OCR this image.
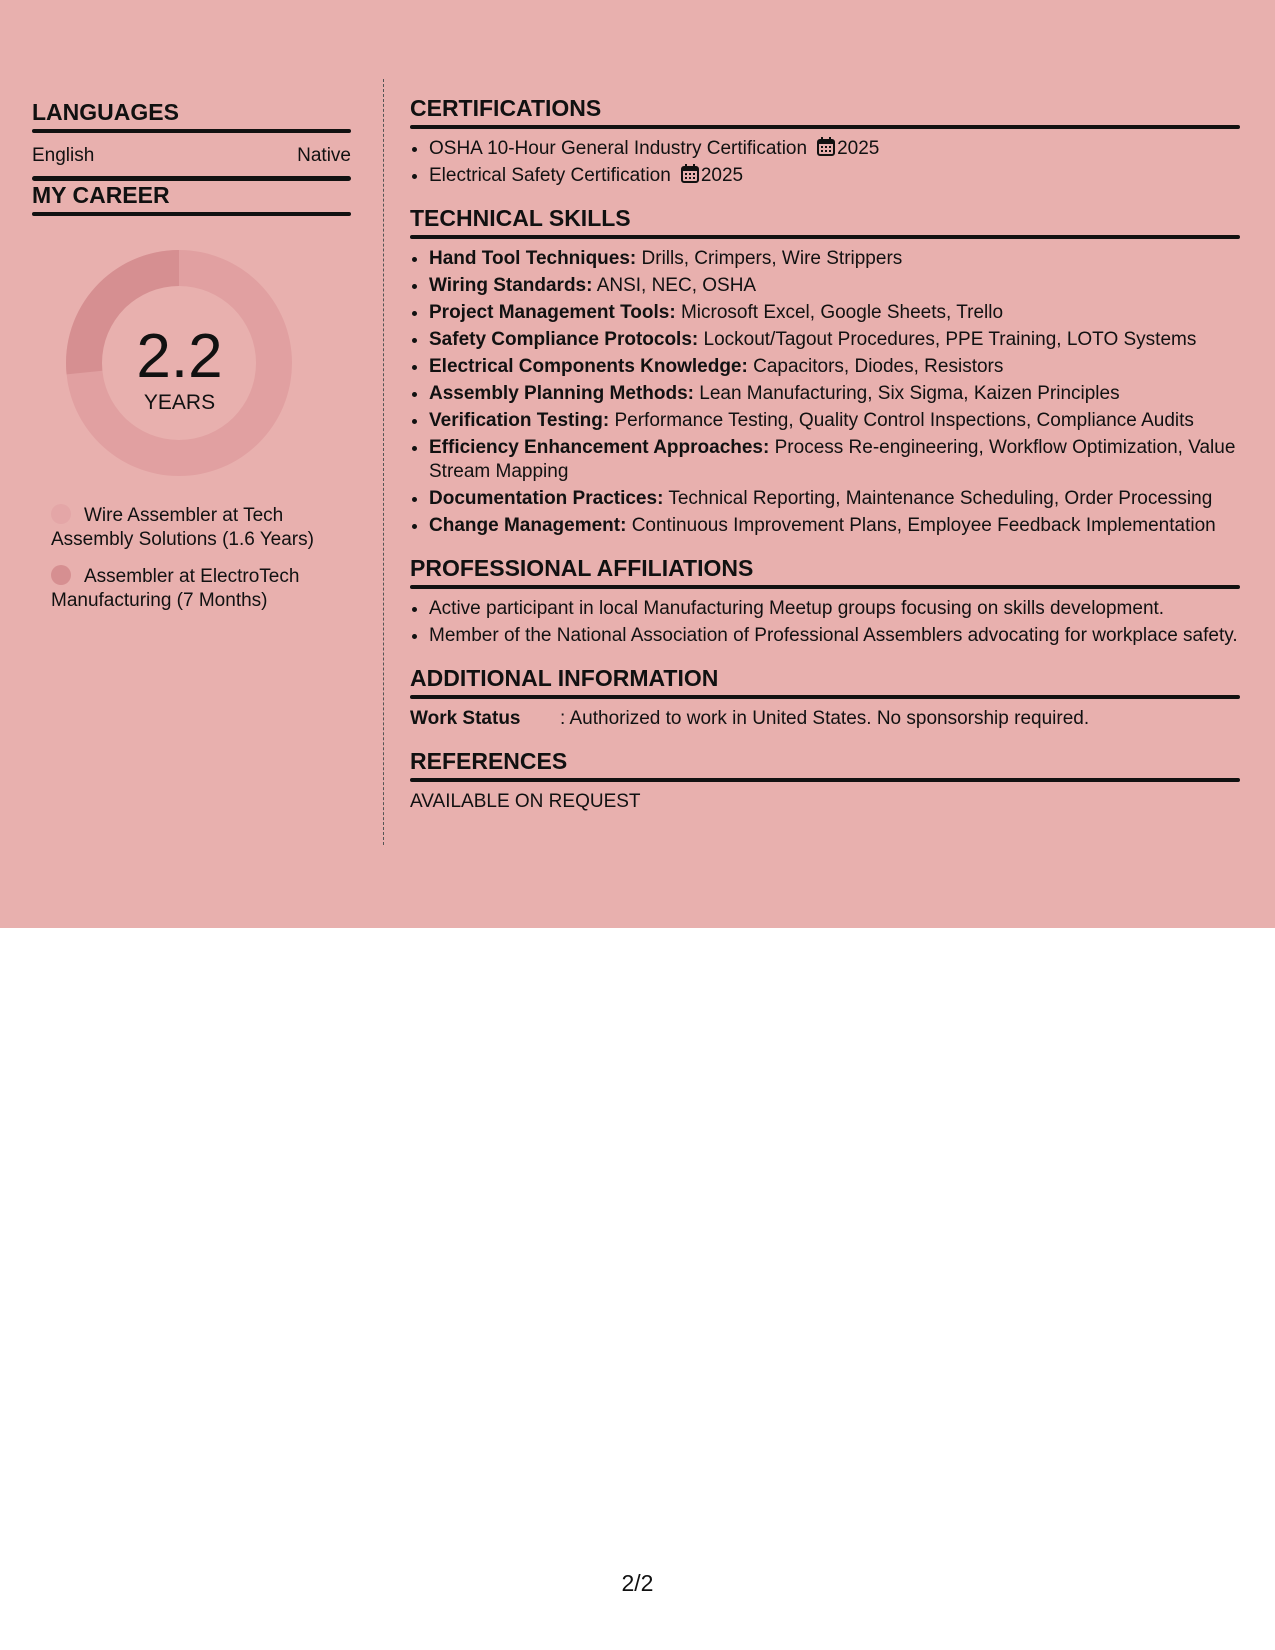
LANGUAGES
English	Native
MY CAREER
2.2
YEARS
Wire Assembler at Tech Assembly Solutions (1.6 Years)
Assembler at ElectroTech Manufacturing (7 Months)
CERTIFICATIONS
• OSHA 10-Hour General Industry Certification 2025
• Electrical Safety Certification 2025
TECHNICAL SKILLS
• Hand Tool Techniques: Drills, Crimpers, Wire Strippers
• Wiring Standards: ANSI, NEC, OSHA
• Project Management Tools: Microsoft Excel, Google Sheets, Trello
• Safety Compliance Protocols: Lockout/Tagout Procedures, PPE Training, LOTO Systems
• Electrical Components Knowledge: Capacitors, Diodes, Resistors
• Assembly Planning Methods: Lean Manufacturing, Six Sigma, Kaizen Principles
• Verification Testing: Performance Testing, Quality Control Inspections, Compliance Audits
• Efficiency Enhancement Approaches: Process Re-engineering, Workflow Optimization, Value Stream Mapping
• Documentation Practices: Technical Reporting, Maintenance Scheduling, Order Processing
• Change Management: Continuous Improvement Plans, Employee Feedback Implementation
PROFESSIONAL AFFILIATIONS
• Active participant in local Manufacturing Meetup groups focusing on skills development.
• Member of the National Association of Professional Assemblers advocating for workplace safety.
ADDITIONAL INFORMATION
Work Status	: Authorized to work in United States. No sponsorship required.
REFERENCES
AVAILABLE ON REQUEST
2/2
